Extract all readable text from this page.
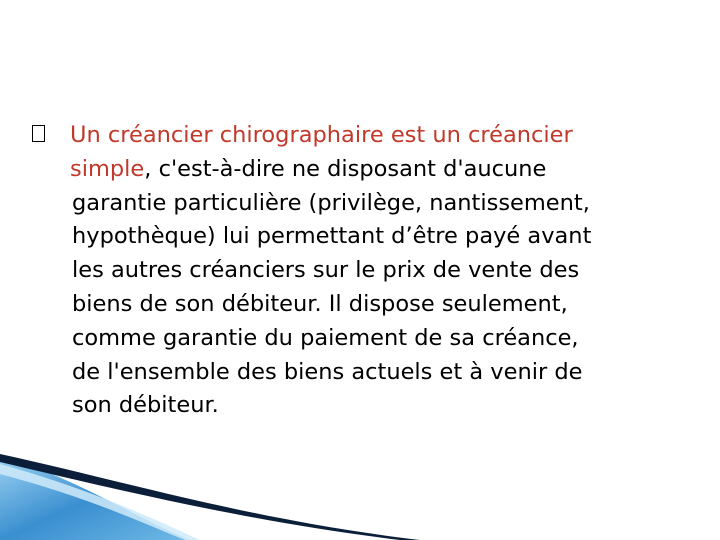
Un créancier chirographaire est un créancier
simple, c'est-à-dire ne disposant d'aucune
garantie particulière (privilège, nantissement,
hypothèque) lui permettant d’être payé avant
les autres créanciers sur le prix de vente des
biens de son débiteur. Il dispose seulement,
comme garantie du paiement de sa créance,
de l'ensemble des biens actuels et à venir de
son débiteur.
